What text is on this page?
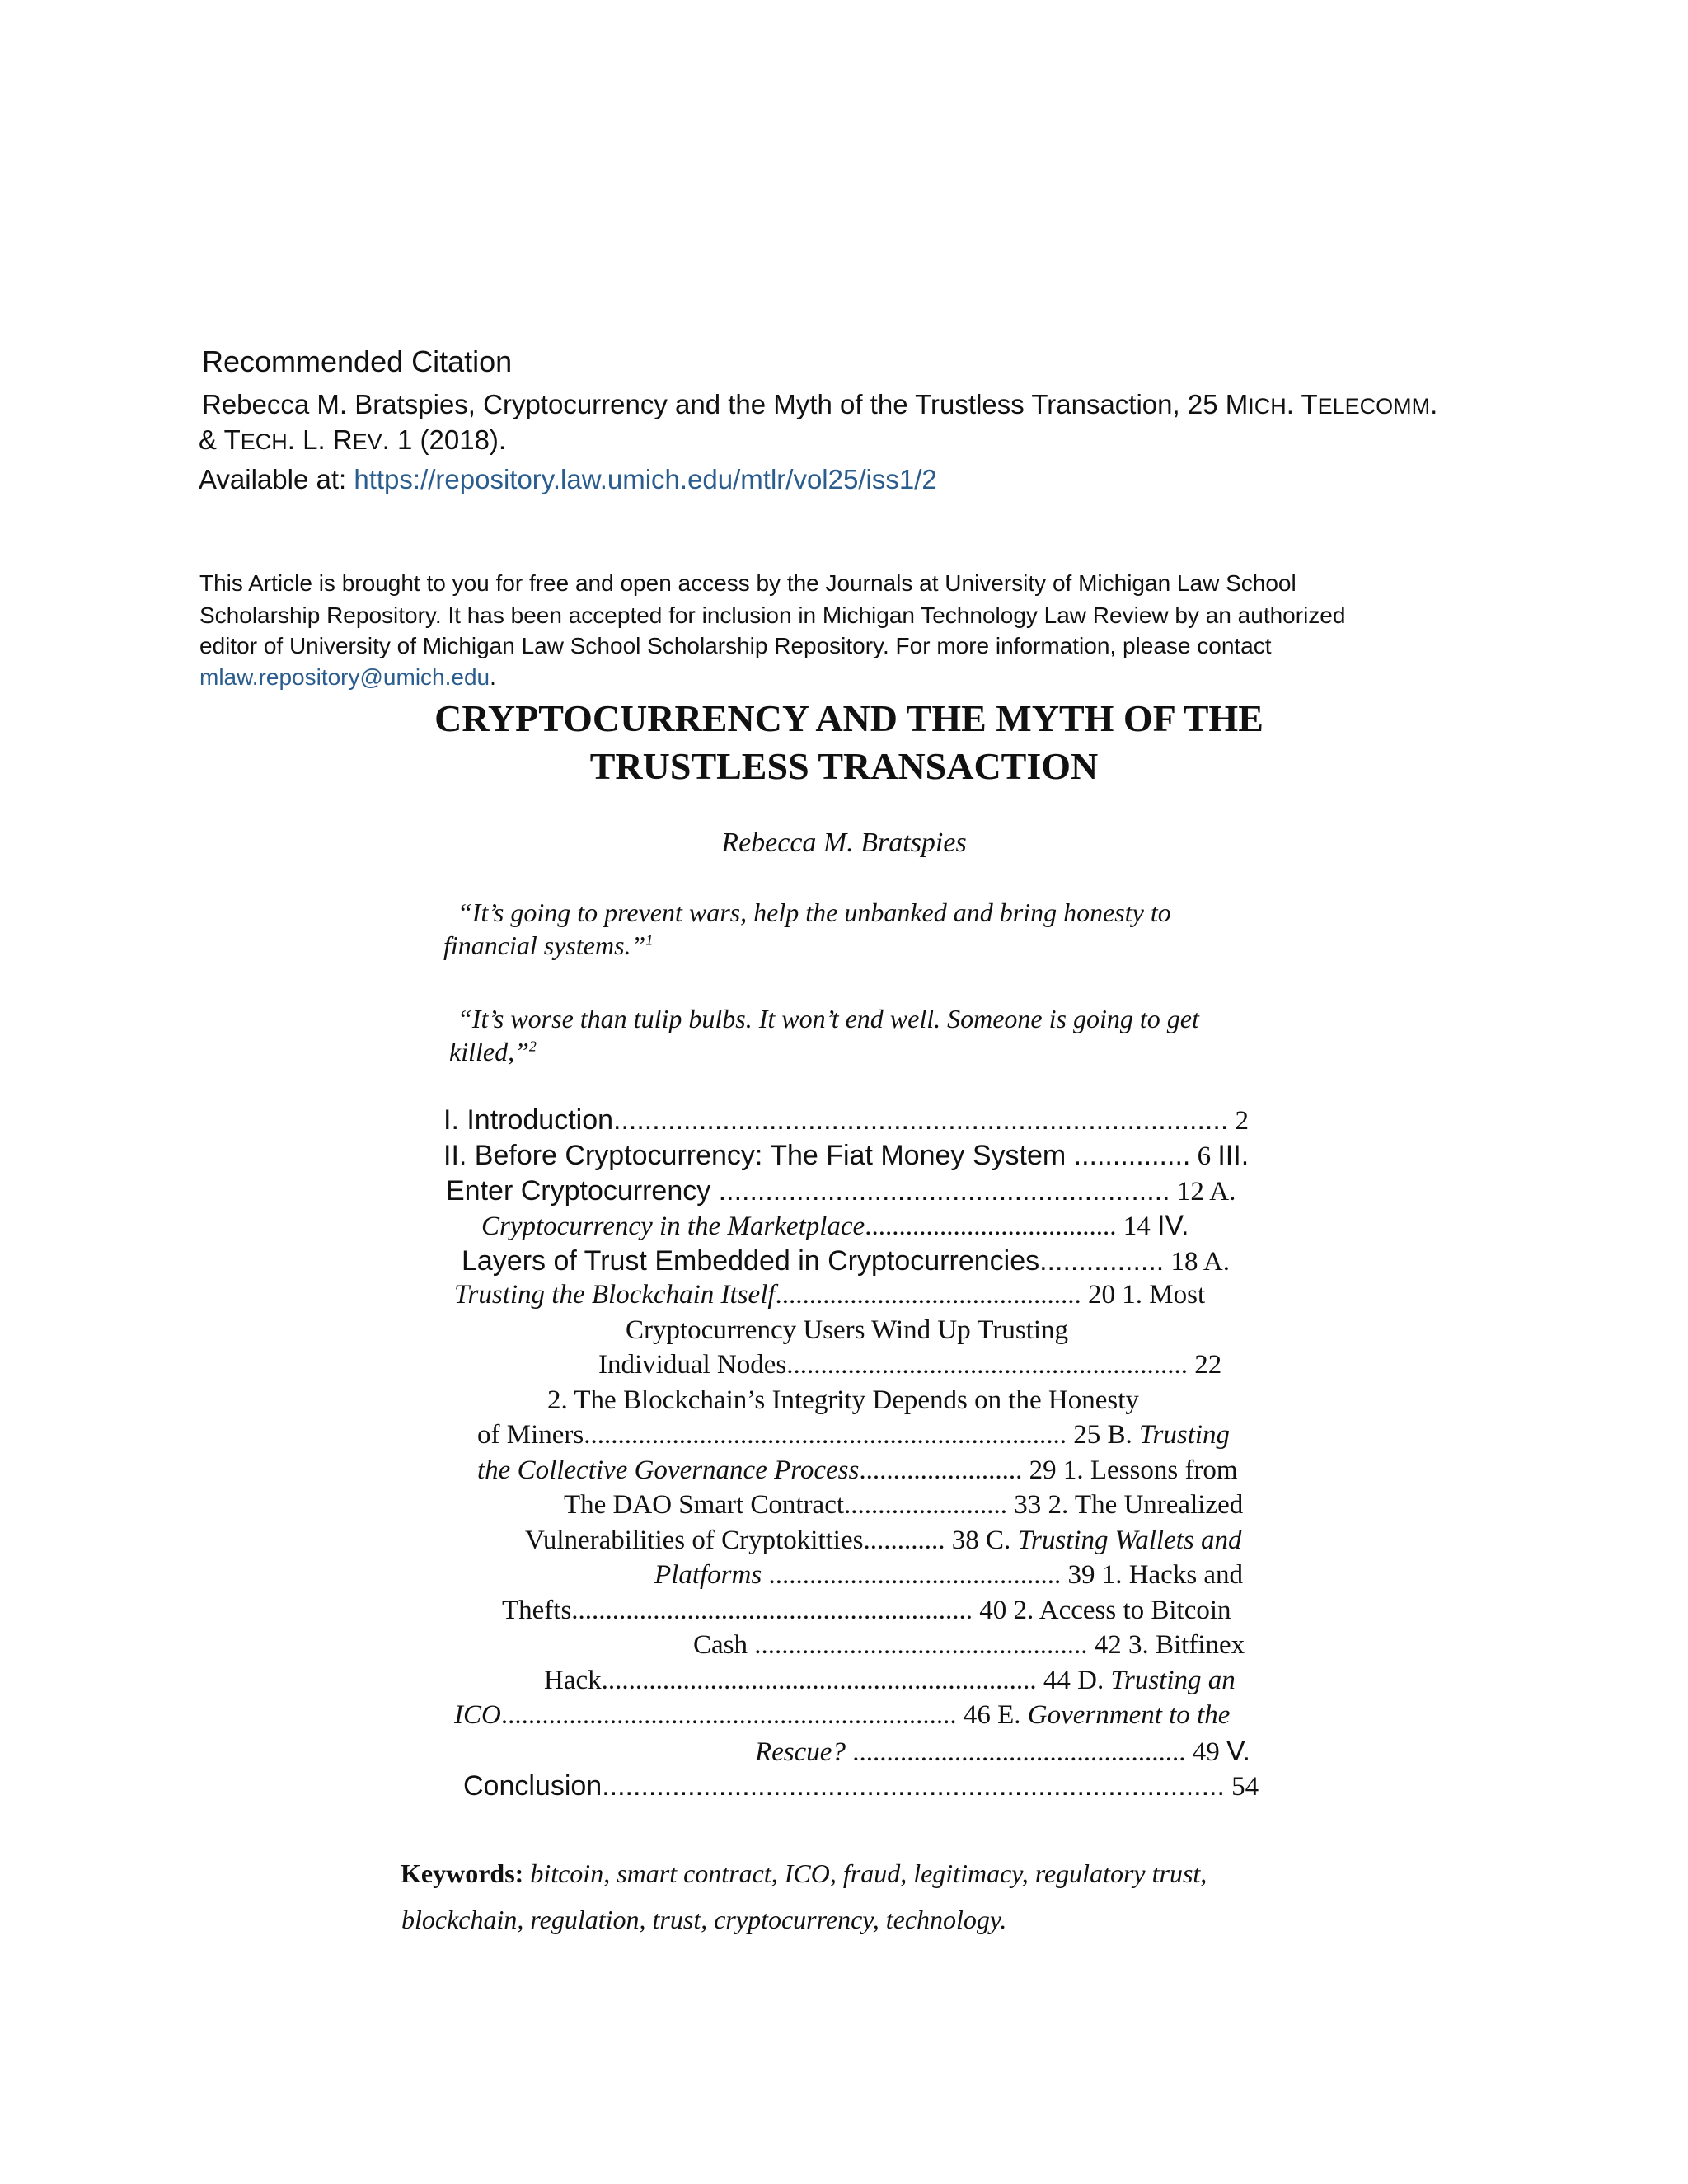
Recommended Citation
Rebecca M. Bratspies, Cryptocurrency and the Myth of the Trustless Transaction, 25 MICH. TELECOMM.
& TECH. L. REV. 1 (2018).
Available at: https://repository.law.umich.edu/mtlr/vol25/iss1/2
This Article is brought to you for free and open access by the Journals at University of Michigan Law School
Scholarship Repository. It has been accepted for inclusion in Michigan Technology Law Review by an authorized
editor of University of Michigan Law School Scholarship Repository. For more information, please contact
mlaw.repository@umich.edu.
CRYPTOCURRENCY AND THE MYTH OF THE
TRUSTLESS TRANSACTION
Rebecca M. Bratspies
“It’s going to prevent wars, help the unbanked and bring honesty to
financial systems.”$^1$
“It’s worse than tulip bulbs. It won’t end well. Someone is going to get
killed,”$^2$
I. Introduction............................................................................... 2
II. Before Cryptocurrency: The Fiat Money System ............... 6 III.
Enter Cryptocurrency .......................................................... 12 A.
Cryptocurrency in the Marketplace..................................... 14 IV.
Layers of Trust Embedded in Cryptocurrencies................ 18 A.
Trusting the Blockchain Itself............................................. 20 1. Most
Cryptocurrency Users Wind Up Trusting
Individual Nodes........................................................... 22
2. The Blockchain’s Integrity Depends on the Honesty
of Miners....................................................................... 25 B. Trusting
the Collective Governance Process........................ 29 1. Lessons from
The DAO Smart Contract........................ 33 2. The Unrealized
Vulnerabilities of Cryptokitties............ 38 C. Trusting Wallets and
Platforms ........................................... 39 1. Hacks and
Thefts........................................................... 40 2. Access to Bitcoin
Cash ................................................. 42 3. Bitfinex
Hack................................................................ 44 D. Trusting an
ICO................................................................... 46 E. Government to the
Rescue? ................................................. 49 V.
Conclusion................................................................................ 54
Keywords: bitcoin, smart contract, ICO, fraud, legitimacy, regulatory trust,
blockchain, regulation, trust, cryptocurrency, technology.
